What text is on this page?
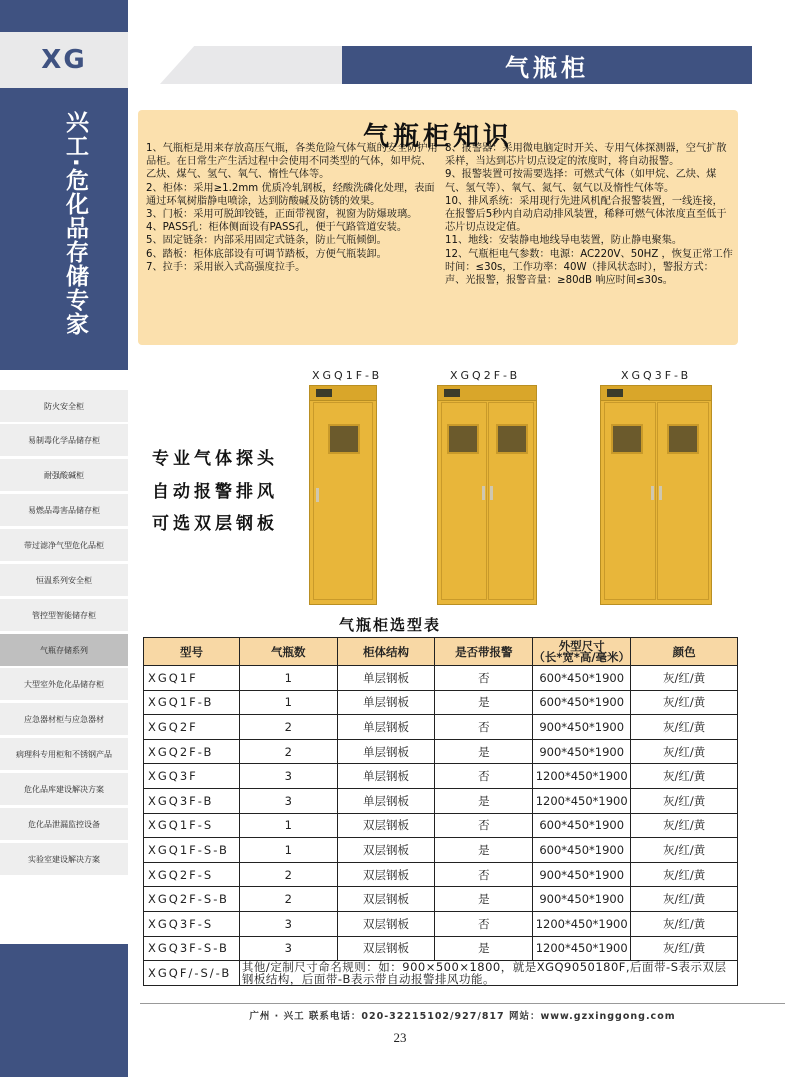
XG
兴工·危化品存储专家
防火安全柜
易制毒化学品储存柜
耐强酸碱柜
易燃品毒害品储存柜
带过滤净气型危化品柜
恒温系列安全柜
管控型智能储存柜
气瓶存储系列
大型室外危化品储存柜
应急器材柜与应急器材
病理科专用柜和不锈钢产品
危化品库建设解决方案
危化品泄漏监控设备
实验室建设解决方案
气瓶柜
气瓶柜知识

1、气瓶柜是用来存放高压气瓶，各类危险气体气瓶的安全防护用品柜。在日常生产生活过程中会使用不同类型的气体，如甲烷、乙炔、煤气、氢气、氧气、惰性气体等。

2、柜体：采用≥1.2mm 优质冷轧钢板，经酸洗磷化处理，表面通过环氧树脂静电喷涂，达到防酸碱及防锈的效果。

3、门板：采用可脱卸铰链，正面带视窗，视窗为防爆玻璃。

4、PASS孔：柜体侧面设有PASS孔，便于气路管道安装。

5、固定链条：内部采用固定式链条，防止气瓶倾倒。

6、踏板：柜体底部设有可调节踏板，方便气瓶装卸。

7、拉手：采用嵌入式高强度拉手。

8、报警器：采用微电脑定时开关、专用气体探测器，空气扩散采样，当达到芯片切点设定的浓度时，将自动报警。

9、报警装置可按需要选择：可燃式气体（如甲烷、乙炔、煤气、氢气等）、氧气、氮气、氨气以及惰性气体等。

10、排风系统：采用现行先进风机配合报警装置，一线连接，在报警后5秒内自动启动排风装置，稀释可燃气体浓度直至低于芯片切点设定值。

11、地线：安装静电地线导电装置，防止静电聚集。

12、气瓶柜电气参数：电源：AC220V、50HZ ，恢复正常工作时间：≤30s，工作功率：40W（排风状态时），警报方式：声、光报警，报警音量：≥80dB 响应时间≤30s。

XGQ1F-B	XGQ2F-B	XGQ3F-B
专业气体探头
自动报警排风
可选双层钢板
气瓶柜选型表
型号	气瓶数	柜体结构	是否带报警	外型尺寸
（长*宽*高/毫米）	颜色
XGQ1F	1	单层钢板	否	600*450*1900	灰/红/黄
XGQ1F-B	1	单层钢板	是	600*450*1900	灰/红/黄
XGQ2F	2	单层钢板	否	900*450*1900	灰/红/黄
XGQ2F-B	2	单层钢板	是	900*450*1900	灰/红/黄
XGQ3F	3	单层钢板	否	1200*450*1900	灰/红/黄
XGQ3F-B	3	单层钢板	是	1200*450*1900	灰/红/黄
XGQ1F-S	1	双层钢板	否	600*450*1900	灰/红/黄
XGQ1F-S-B	1	双层钢板	是	600*450*1900	灰/红/黄
XGQ2F-S	2	双层钢板	否	900*450*1900	灰/红/黄
XGQ2F-S-B	2	双层钢板	是	900*450*1900	灰/红/黄
XGQ3F-S	3	双层钢板	否	1200*450*1900	灰/红/黄
XGQ3F-S-B	3	双层钢板	是	1200*450*1900	灰/红/黄
XGQF/-S/-B	其他/定制尺寸命名规则：如：900×500×1800，就是XGQ9050180F,后面带-S表示双层钢板结构，后面带-B表示带自动报警排风功能。				
广州 · 兴工 联系电话：020-32215102/927/817 网站：www.gzxinggong.com
23
